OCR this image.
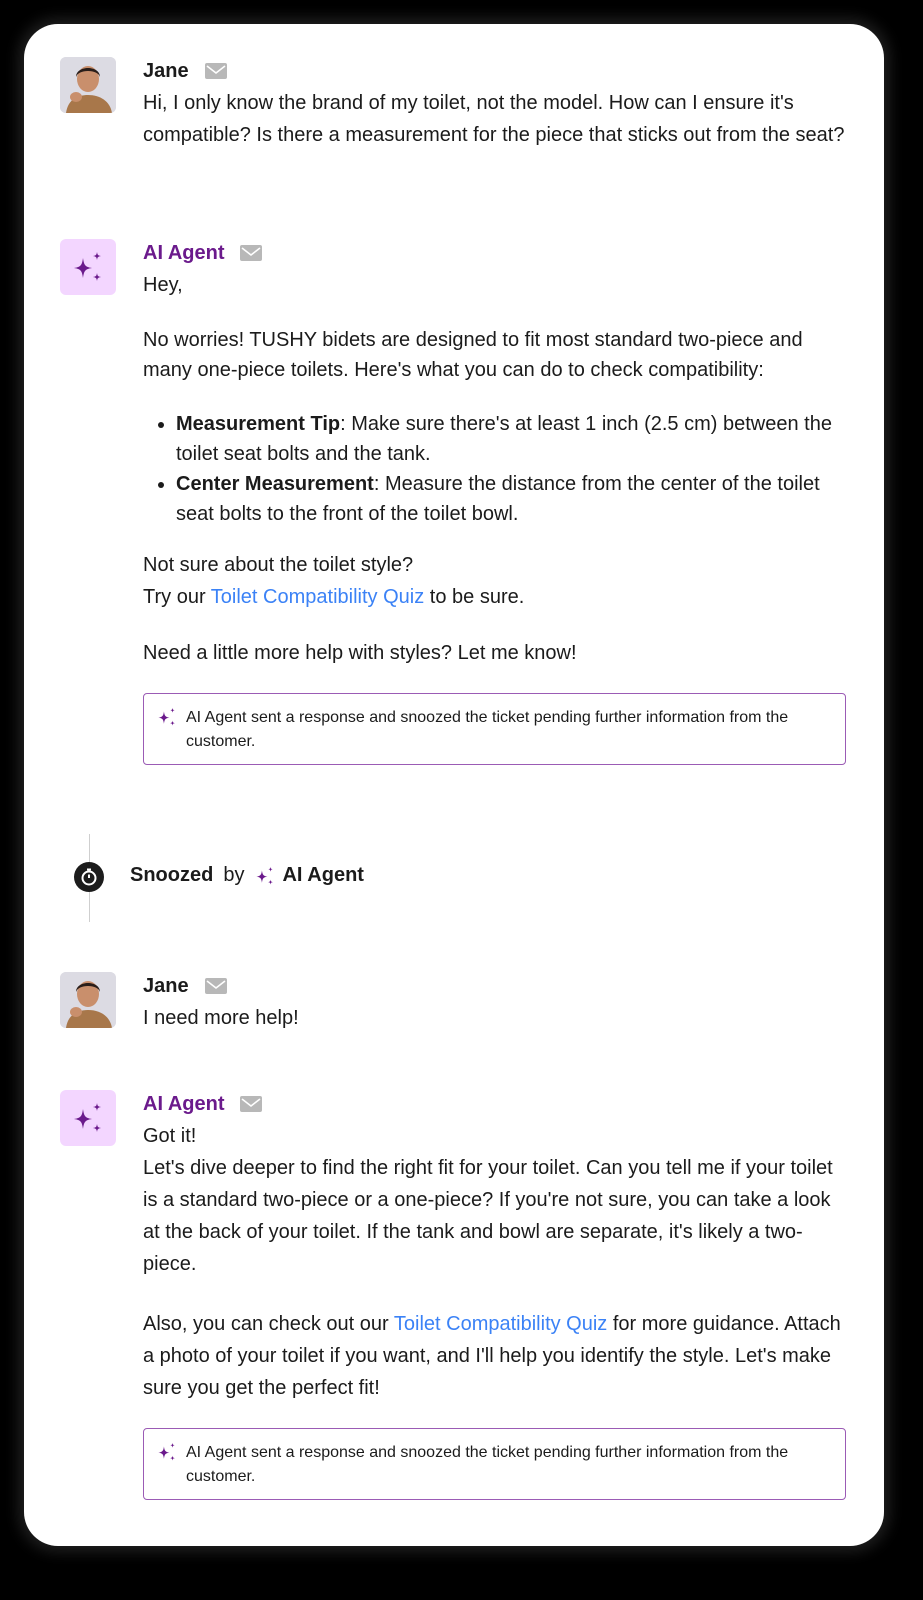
Jane

Hi, I only know the brand of my toilet, not the model. How can I ensure it's compatible? Is there a measurement for the piece that sticks out from the seat?

AI Agent

Hey,

No worries! TUSHY bidets are designed to fit most standard two-piece and many one-piece toilets. Here's what you can do to check compatibility:

• Measurement Tip: Make sure there's at least 1 inch (2.5 cm) between the toilet seat bolts and the tank.
• Center Measurement: Measure the distance from the center of the toilet seat bolts to the front of the toilet bowl.

Not sure about the toilet style?

Try our Toilet Compatibility Quiz to be sure.

Need a little more help with styles? Let me know!

AI Agent sent a response and snoozed the ticket pending further information from the customer.
Snoozed by AI Agent
Jane

I need more help!

AI Agent

Got it!

Let's dive deeper to find the right fit for your toilet. Can you tell me if your toilet is a standard two-piece or a one-piece? If you're not sure, you can take a look at the back of your toilet. If the tank and bowl are separate, it's likely a two-piece.

Also, you can check out our Toilet Compatibility Quiz for more guidance. Attach a photo of your toilet if you want, and I'll help you identify the style. Let's make sure you get the perfect fit!

AI Agent sent a response and snoozed the ticket pending further information from the customer.
